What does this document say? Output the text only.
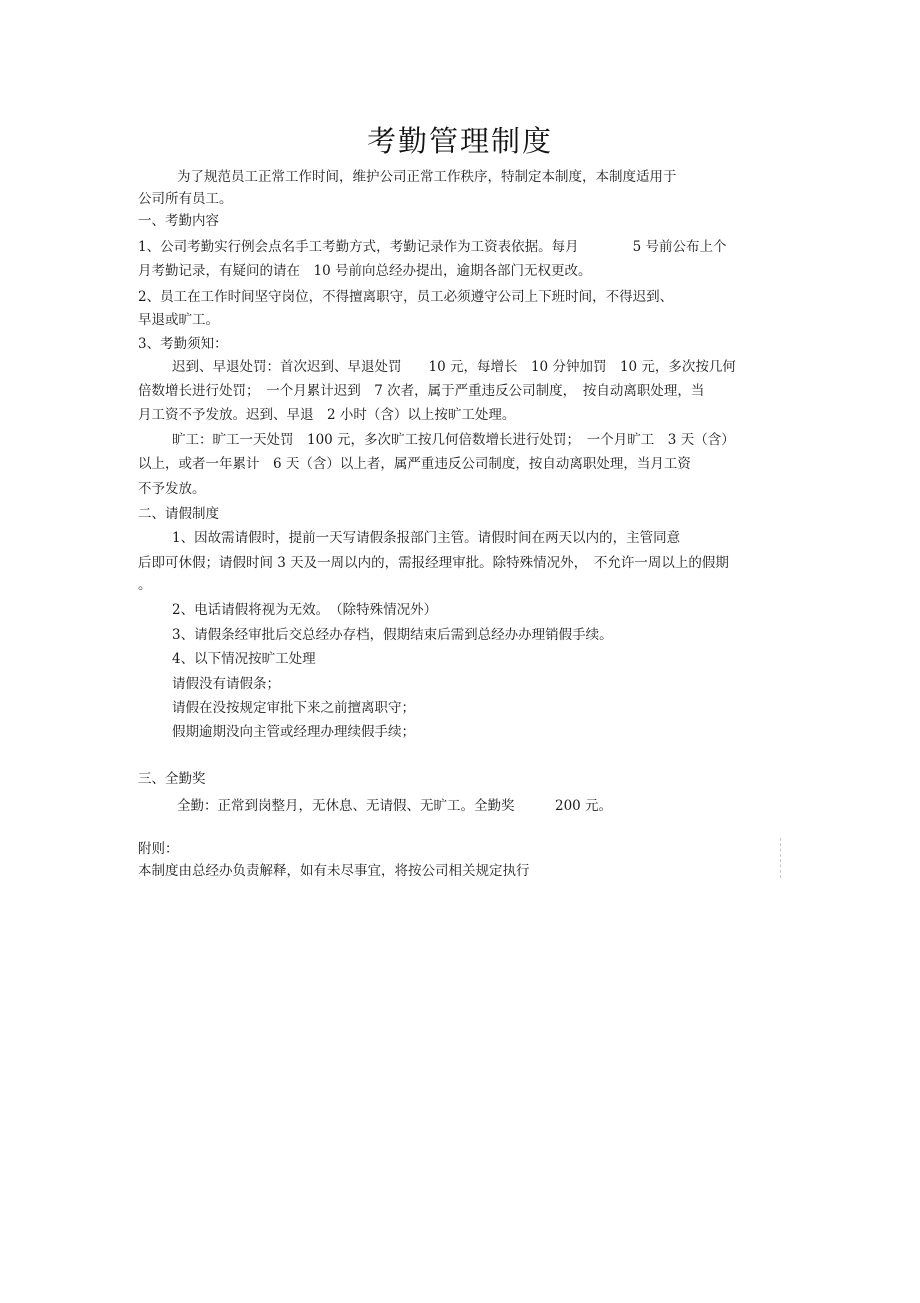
考勤管理制度
为了规范员工正常工作时间，维护公司正常工作秩序，特制定本制度，本制度适用于
公司所有员工。
一、考勤内容
1、公司考勤实行例会点名手工考勤方式，考勤记录作为工资表依据。每月　　　　5 号前公布上个
月考勤记录，有疑问的请在　10 号前向总经办提出，逾期各部门无权更改。
2、员工在工作时间坚守岗位，不得擅离职守，员工必须遵守公司上下班时间，不得迟到、
早退或旷工。
3、考勤须知：
迟到、早退处罚：首次迟到、早退处罚　　10 元，每增长　10 分钟加罚　10 元，多次按几何
倍数增长进行处罚；　一个月累计迟到　7 次者，属于严重违反公司制度，　按自动离职处理，当
月工资不予发放。迟到、早退　2 小时（含）以上按旷工处理。
旷工：旷工一天处罚　100 元，多次旷工按几何倍数增长进行处罚；　一个月旷工　3 天（含）
以上，或者一年累计　6 天（含）以上者，属严重违反公司制度，按自动离职处理，当月工资
不予发放。
二、请假制度
1、因故需请假时，提前一天写请假条报部门主管。请假时间在两天以内的，主管同意
后即可休假；请假时间 3 天及一周以内的，需报经理审批。除特殊情况外，　不允许一周以上的假期
。
2、电话请假将视为无效。　（除特殊情况外）
3、请假条经审批后交总经办存档，假期结束后需到总经办办理销假手续。
4、以下情况按旷工处理
请假没有请假条；
请假在没按规定审批下来之前擅离职守；
假期逾期没向主管或经理办理续假手续；
三、全勤奖
全勤：正常到岗整月，无休息、无请假、无旷工。全勤奖　　　200 元。
附则：
本制度由总经办负责解释，如有未尽事宜，将按公司相关规定执行
